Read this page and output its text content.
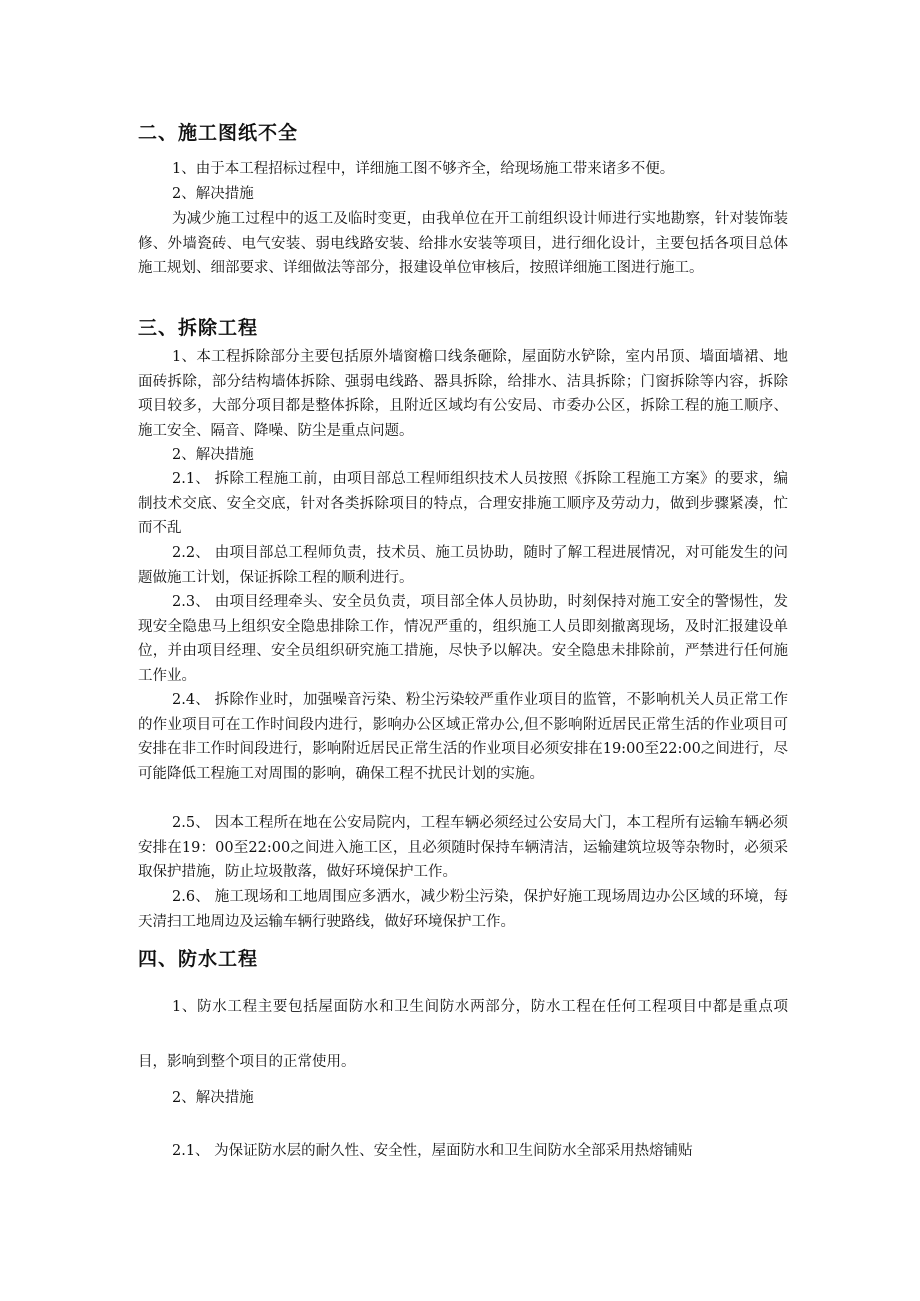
二、施工图纸不全

1、由于本工程招标过程中，详细施工图不够齐全，给现场施工带来诸多不便。

2、解决措施

为减少施工过程中的返工及临时变更，由我单位在开工前组织设计师进行实地勘察，针对装饰装修、外墙瓷砖、电气安装、弱电线路安装、给排水安装等项目，进行细化设计，主要包括各项目总体施工规划、细部要求、详细做法等部分，报建设单位审核后，按照详细施工图进行施工。

三、拆除工程

1、本工程拆除部分主要包括原外墙窗檐口线条砸除，屋面防水铲除，室内吊顶、墙面墙裙、地面砖拆除，部分结构墙体拆除、强弱电线路、器具拆除，给排水、洁具拆除；门窗拆除等内容，拆除项目较多，大部分项目都是整体拆除，且附近区域均有公安局、市委办公区，拆除工程的施工顺序、施工安全、隔音、降噪、防尘是重点问题。

2、解决措施

2.1、 拆除工程施工前，由项目部总工程师组织技术人员按照《拆除工程施工方案》的要求，编制技术交底、安全交底，针对各类拆除项目的特点，合理安排施工顺序及劳动力，做到步骤紧凑，忙而不乱

2.2、 由项目部总工程师负责，技术员、施工员协助，随时了解工程进展情况，对可能发生的问题做施工计划，保证拆除工程的顺利进行。

2.3、 由项目经理牵头、安全员负责，项目部全体人员协助，时刻保持对施工安全的警惕性，发现安全隐患马上组织安全隐患排除工作，情况严重的，组织施工人员即刻撤离现场，及时汇报建设单位，并由项目经理、安全员组织研究施工措施，尽快予以解决。安全隐患未排除前，严禁进行任何施工作业。

2.4、 拆除作业时，加强噪音污染、粉尘污染较严重作业项目的监管，不影响机关人员正常工作的作业项目可在工作时间段内进行，影响办公区域正常办公,但不影响附近居民正常生活的作业项目可安排在非工作时间段进行，影响附近居民正常生活的作业项目必须安排在19:00至22:00之间进行，尽可能降低工程施工对周围的影响，确保工程不扰民计划的实施。

2.5、 因本工程所在地在公安局院内，工程车辆必须经过公安局大门，本工程所有运输车辆必须安排在19：00至22:00之间进入施工区，且必须随时保持车辆清洁，运输建筑垃圾等杂物时，必须采取保护措施，防止垃圾散落，做好环境保护工作。

2.6、 施工现场和工地周围应多洒水，减少粉尘污染，保护好施工现场周边办公区域的环境，每天清扫工地周边及运输车辆行驶路线，做好环境保护工作。

四、防水工程

1、防水工程主要包括屋面防水和卫生间防水两部分，防水工程在任何工程项目中都是重点项目，影响到整个项目的正常使用。

2、解决措施

2.1、 为保证防水层的耐久性、安全性，屋面防水和卫生间防水全部采用热熔铺贴
